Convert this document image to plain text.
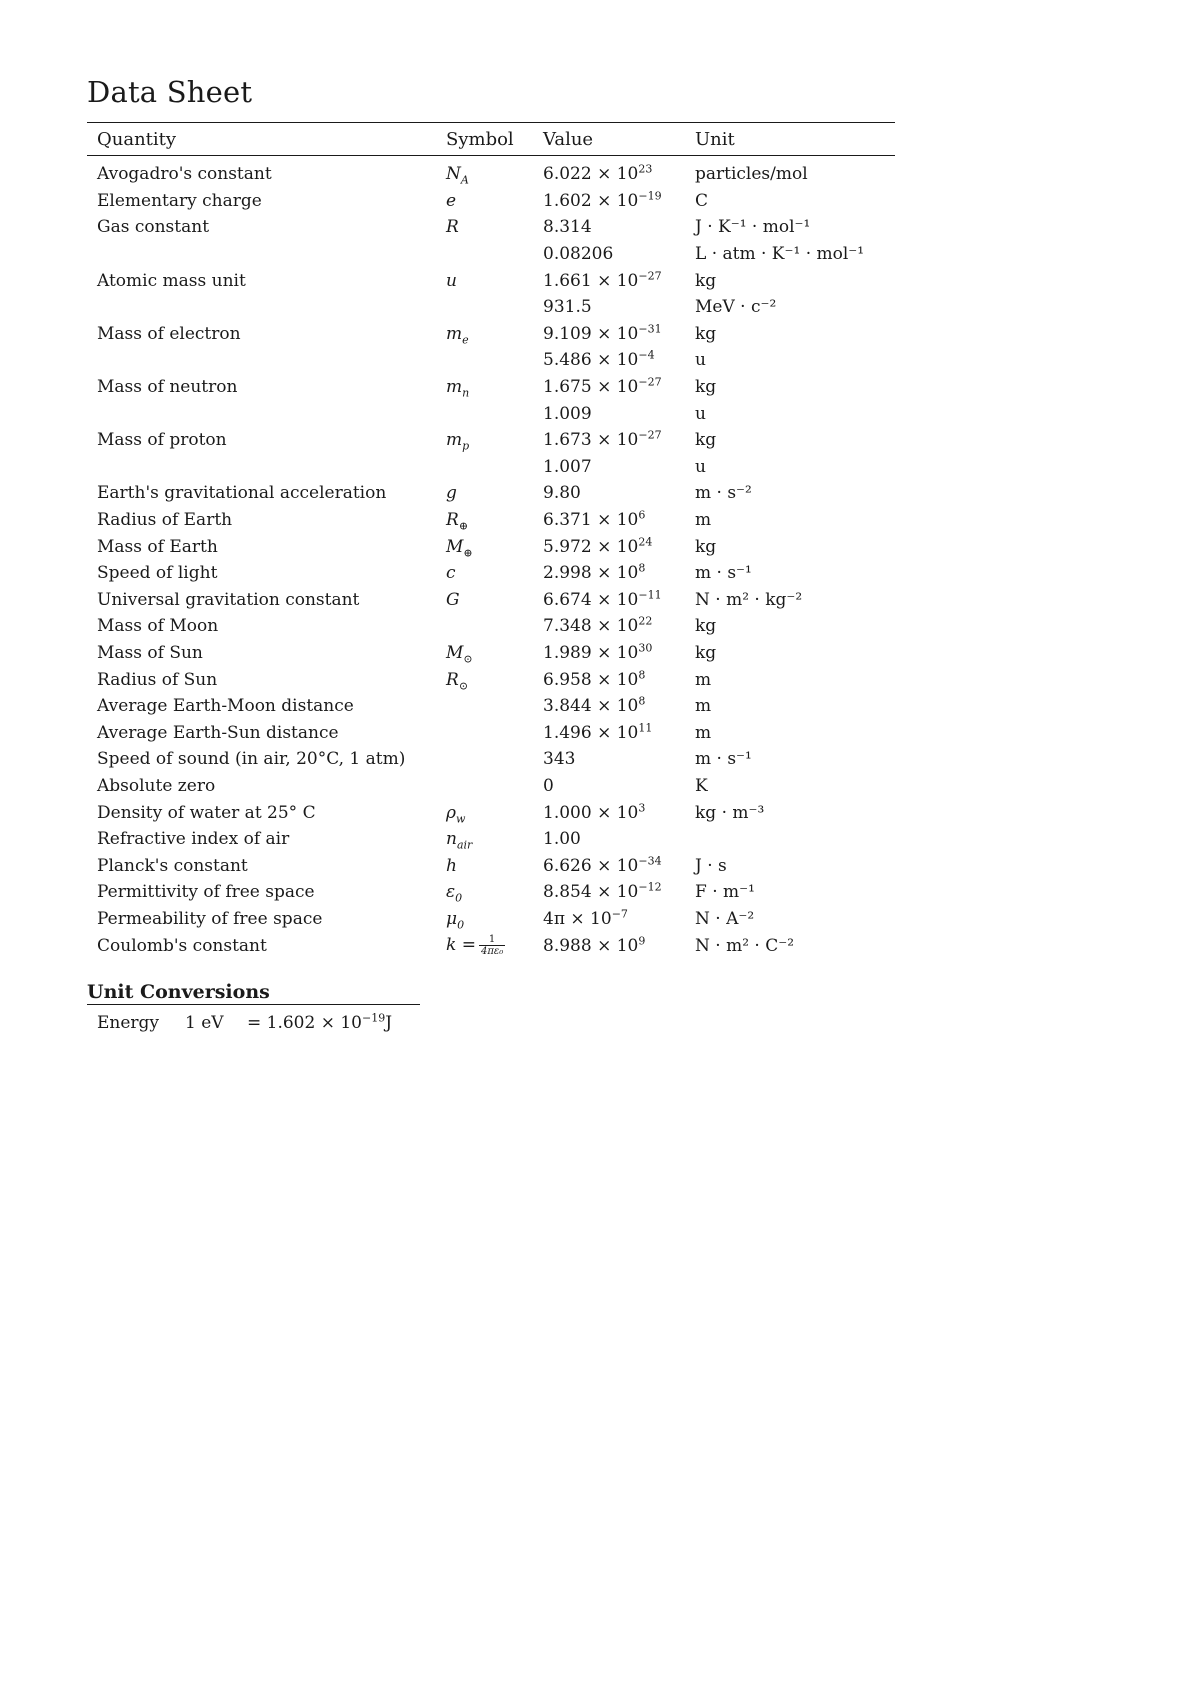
Data Sheet
Quantity	Symbol	Value	Unit
Avogadro's constant	$N_A$	$6.022 \times 10^{23}$	particles/mol
Elementary charge	e	$1.602 \times 10^{-19}$	C
Gas constant	R	8.314	J · K⁻¹ · mol⁻¹
		0.08206	L · atm · K⁻¹ · mol⁻¹
Atomic mass unit	u	$1.661 \times 10^{-27}$	kg
		931.5	MeV · c⁻²
Mass of electron	$m_e$	$9.109 \times 10^{-31}$	kg
		$5.486 \times 10^{-4}$	u
Mass of neutron	$m_n$	$1.675 \times 10^{-27}$	kg
		1.009	u
Mass of proton	$m_p$	$1.673 \times 10^{-27}$	kg
		1.007	u
Earth's gravitational acceleration	g	9.80	m · s⁻²
Radius of Earth	$R_\oplus$	$6.371 \times 10^6$	m
Mass of Earth	$M_\oplus$	$5.972 \times 10^{24}$	kg
Speed of light	c	$2.998 \times 10^8$	m · s⁻¹
Universal gravitation constant	G	$6.674 \times 10^{-11}$	N · m² · kg⁻²
Mass of Moon		$7.348 \times 10^{22}$	kg
Mass of Sun	$M_⊙$	$1.989 \times 10^{30}$	kg
Radius of Sun	$R_⊙$	$6.958 \times 10^8$	m
Average Earth-Moon distance		$3.844 \times 10^8$	m
Average Earth-Sun distance		$1.496 \times 10^{11}$	m
Speed of sound (in air, 20°C, 1 atm)		343	m · s⁻¹
Absolute zero		0	K
Density of water at 25° C	$\rho_w$	$1.000 \times 10^3$	kg · m⁻³
Refractive index of air	$n_{air}$	1.00	
Planck's constant	h	$6.626 \times 10^{-34}$	J · s
Permittivity of free space	$\varepsilon_0$	$8.854 \times 10^{-12}$	F · m⁻¹
Permeability of free space	$\mu_0$	$4\pi \times 10^{-7}$	N · A⁻²
Coulomb's constant	$k = \frac{1}{\text{4πε₀}}$	$8.988 \times 10^9$	N · m² · C⁻²
Unit Conversions
Energy 1 eV = $1.602 \times 10^{-19}J$
